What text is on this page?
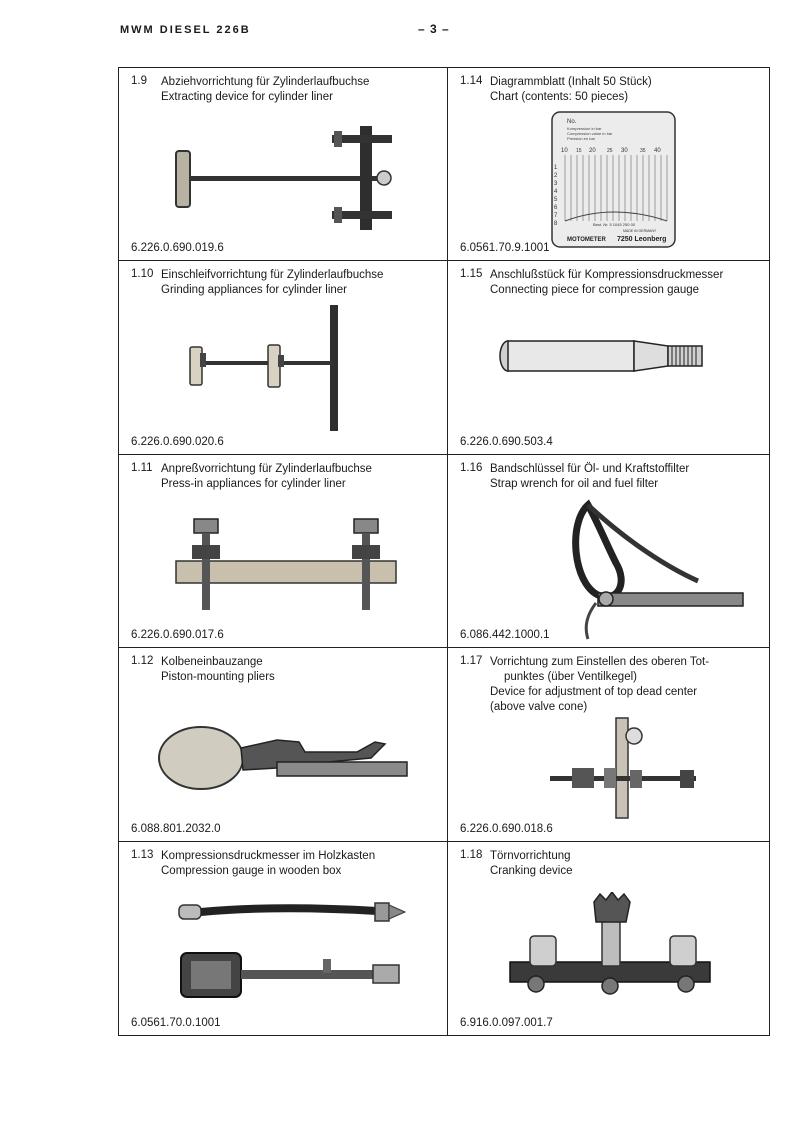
MWM DIESEL 226B	– 3 –
1.9 Abziehvorrichtung für Zylinderlaufbuchse
Extracting device for cylinder liner
6.226.0.690.019.6
1.14 Diagrammblatt (Inhalt 50 Stück)
Chart (contents: 50 pieces)
No.
Kompression in bar
Compression value in bar
Pression en bar
10 15 20 25 30 35 40
1
2
3
4
5
6
7
8	Best. Nr. 5 1045 250 00
MADE IN GERMANY
MOTOMETER 7250 Leonberg
6.0561.70.9.1001
1.10 Einschleifvorrichtung für Zylinderlaufbuchse
Grinding appliances for cylinder liner
6.226.0.690.020.6
1.15 Anschlußstück für Kompressionsdruckmesser
Connecting piece for compression gauge
6.226.0.690.503.4
1.11 Anpreßvorrichtung für Zylinderlaufbuchse
Press-in appliances for cylinder liner
6.226.0.690.017.6
1.16 Bandschlüssel für Öl- und Kraftstoffilter
Strap wrench for oil and fuel filter
6.086.442.1000.1
1.12 Kolbeneinbauzange
Piston-mounting pliers
6.088.801.2032.0
1.17 Vorrichtung zum Einstellen des oberen Tot-
punktes (über Ventilkegel)
Device for adjustment of top dead center
(above valve cone)
6.226.0.690.018.6
1.13 Kompressionsdruckmesser im Holzkasten
Compression gauge in wooden box
6.0561.70.0.1001
1.18 Törnvorrichtung
Cranking device
6.916.0.097.001.7
